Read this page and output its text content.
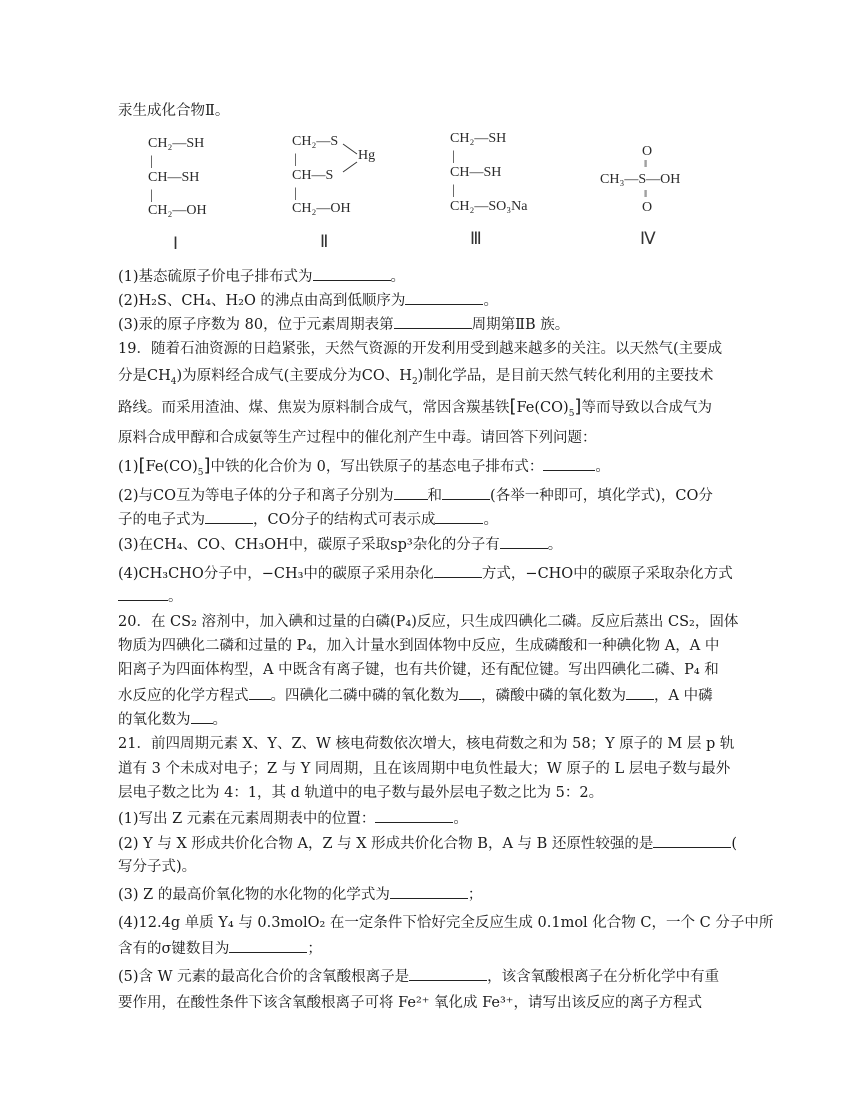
汞生成化合物Ⅱ。
CH₂—SH
|
CH—SH
|
CH₂—OH
Ⅰ
CH₂—S
Hg
|
CH—S
|
CH₂—OH
Ⅱ
CH₂—SH
|
CH—SH
|
CH₂—SO₃Na
Ⅲ
O
‖
CH₃—S—OH
‖
O
Ⅳ
(1)基态硫原子价电子排布式为	。
(2)H₂S、CH₄、H₂O 的沸点由高到低顺序为	。
(3)汞的原子序数为 80，位于元素周期表第	周期第ⅡB 族。
19．随着石油资源的日趋紧张，天然气资源的开发利用受到越来越多的关注。以天然气(主要成
分是$CH_4$)为原料经合成气(主要成分为CO、$H_2$)制化学品，是目前天然气转化利用的主要技术
路线。而采用渣油、煤、焦炭为原料制合成气，常因含羰基铁$[Fe(CO)_5]$等而导致以合成气为
原料合成甲醇和合成氨等生产过程中的催化剂产生中毒。请回答下列问题：
$(1)[Fe(CO)_5]$中铁的化合价为 0，写出铁原子的基态电子排布式：	。
(2)与CO互为等电子体的分子和离子分别为 和	(各举一种即可，填化学式)，CO分
子的电子式为	，CO分子的结构式可表示成	。
(3)在CH₄、CO、CH₃OH中，碳原子采取sp³杂化的分子有	。
(4)CH₃CHO分子中，−CH₃中的碳原子采用杂化	方式，−CHO中的碳原子采取杂化方式
。
20．在 CS₂ 溶剂中，加入碘和过量的白磷(P₄)反应，只生成四碘化二磷。反应后蒸出 CS₂，固体
物质为四碘化二磷和过量的 P₄，加入计量水到固体物中反应，生成磷酸和一种碘化物 A，A 中
阳离子为四面体构型，A 中既含有离子键，也有共价键，还有配位键。写出四碘化二磷、P₄ 和
水反应的化学方程式 。四碘化二磷中磷的氧化数为 ，磷酸中磷的氧化数为 ，A 中磷
的氧化数为 。
21．前四周期元素 X、Y、Z、W 核电荷数依次增大，核电荷数之和为 58；Y 原子的 M 层 p 轨
道有 3 个未成对电子；Z 与 Y 同周期，且在该周期中电负性最大；W 原子的 L 层电子数与最外
层电子数之比为 4：1，其 d 轨道中的电子数与最外层电子数之比为 5：2。
(1)写出 Z 元素在元素周期表中的位置：	。
(2) Y 与 X 形成共价化合物 A，Z 与 X 形成共价化合物 B，A 与 B 还原性较强的是	(
写分子式)。
(3) Z 的最高价氧化物的水化物的化学式为	；
(4)12.4g 单质 Y₄ 与 0.3molO₂ 在一定条件下恰好完全反应生成 0.1mol 化合物 C，一个 C 分子中所
含有的σ键数目为	；
(5)含 W 元素的最高化合价的含氧酸根离子是	，该含氧酸根离子在分析化学中有重
要作用，在酸性条件下该含氧酸根离子可将 Fe²⁺ 氧化成 Fe³⁺，请写出该反应的离子方程式
